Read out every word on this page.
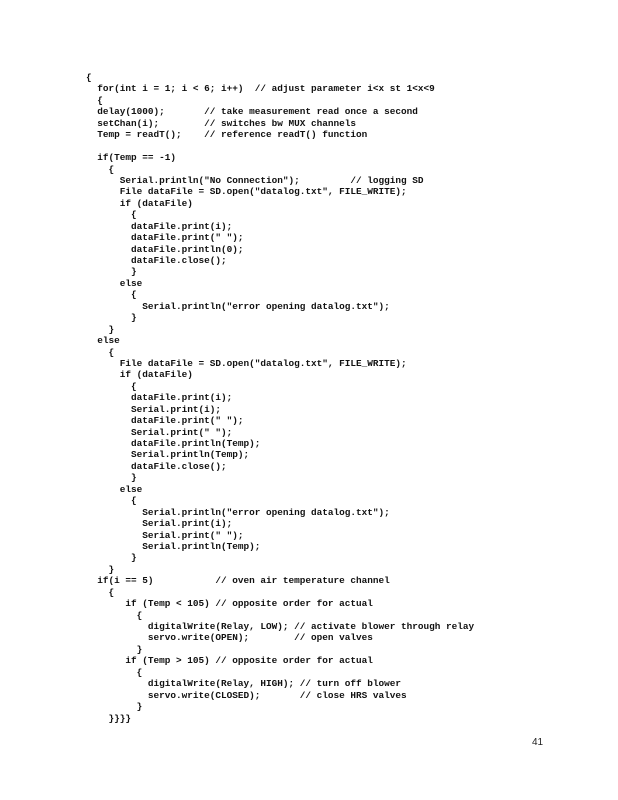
{
for(int i = 1; i < 6; i++)  // adjust parameter i<x st 1<x<9
{
delay(1000);       // take measurement read once a second
setChan(i);        // switches bw MUX channels
Temp = readT();    // reference readT() function
if(Temp == -1)
{
Serial.println("No Connection");         // logging SD
File dataFile = SD.open("datalog.txt", FILE_WRITE);
if (dataFile)
{
dataFile.print(i);
dataFile.print(" ");
dataFile.println(0);
dataFile.close();
}
else
{
Serial.println("error opening datalog.txt");
}
}
else
{
File dataFile = SD.open("datalog.txt", FILE_WRITE);
if (dataFile)
{
dataFile.print(i);
Serial.print(i);
dataFile.print(" ");
Serial.print(" ");
dataFile.println(Temp);
Serial.println(Temp);
dataFile.close();
}
else
{
Serial.println("error opening datalog.txt");
Serial.print(i);
Serial.print(" ");
Serial.println(Temp);
}
}
if(i == 5)           // oven air temperature channel
{
if (Temp < 105) // opposite order for actual
{
digitalWrite(Relay, LOW); // activate blower through relay
servo.write(OPEN);        // open valves
}
if (Temp > 105) // opposite order for actual
{
digitalWrite(Relay, HIGH); // turn off blower
servo.write(CLOSED);       // close HRS valves
}
}}}}
41
